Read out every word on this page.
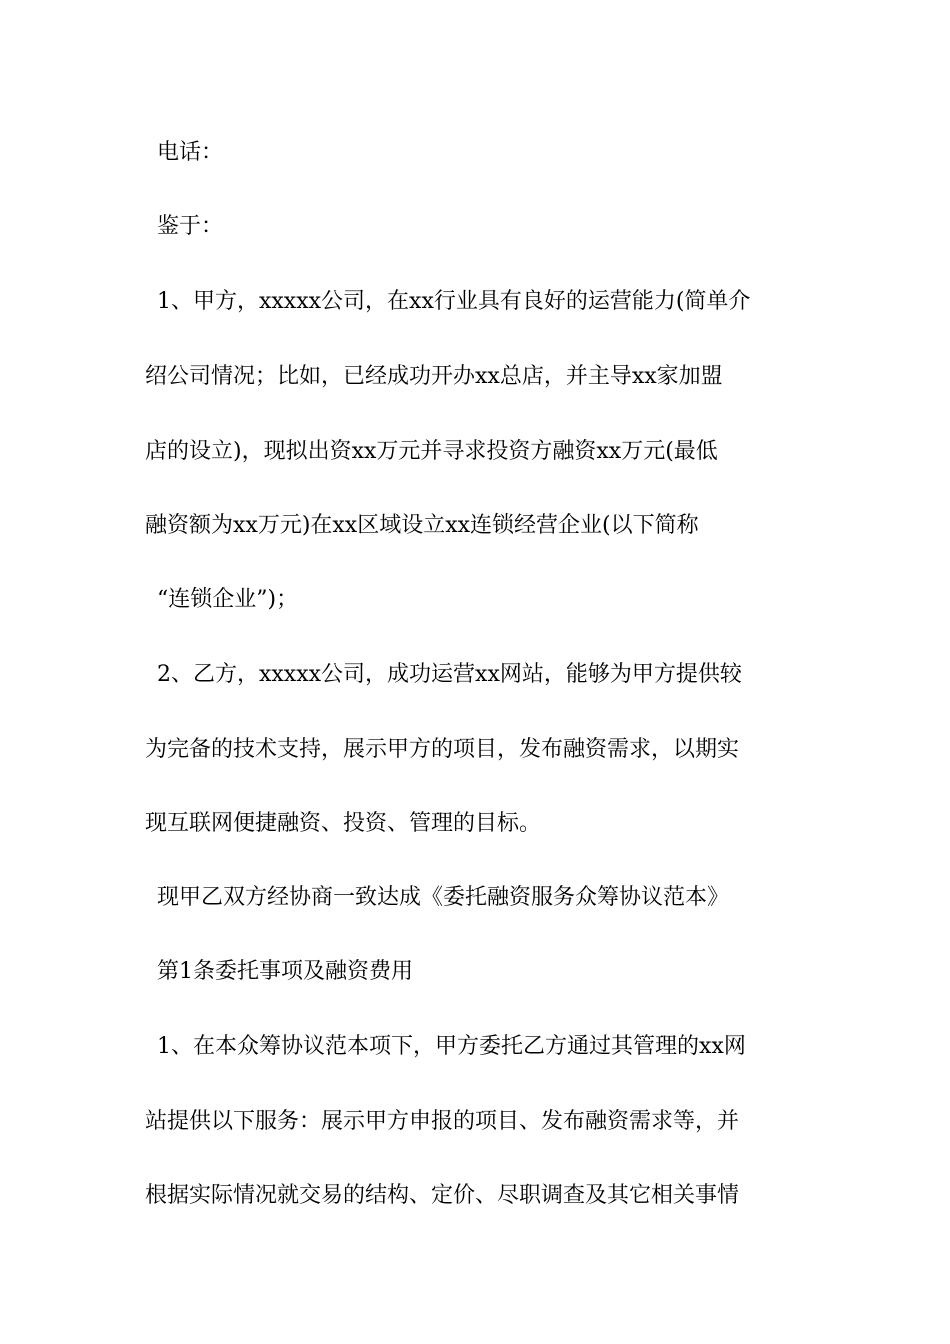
电话：

鉴于：

1、甲方，xxxxx公司，在xx行业具有良好的运营能力(简单介

绍公司情况；比如，已经成功开办xx总店，并主导xx家加盟

店的设立)，现拟出资xx万元并寻求投资方融资xx万元(最低

融资额为xx万元)在xx区域设立xx连锁经营企业(以下简称

“连锁企业”)；

2、乙方，xxxxx公司，成功运营xx网站，能够为甲方提供较

为完备的技术支持，展示甲方的项目，发布融资需求，以期实

现互联网便捷融资、投资、管理的目标。

现甲乙双方经协商一致达成《委托融资服务众筹协议范本》

第1条委托事项及融资费用

1、在本众筹协议范本项下，甲方委托乙方通过其管理的xx网

站提供以下服务：展示甲方申报的项目、发布融资需求等，并

根据实际情况就交易的结构、定价、尽职调查及其它相关事情
